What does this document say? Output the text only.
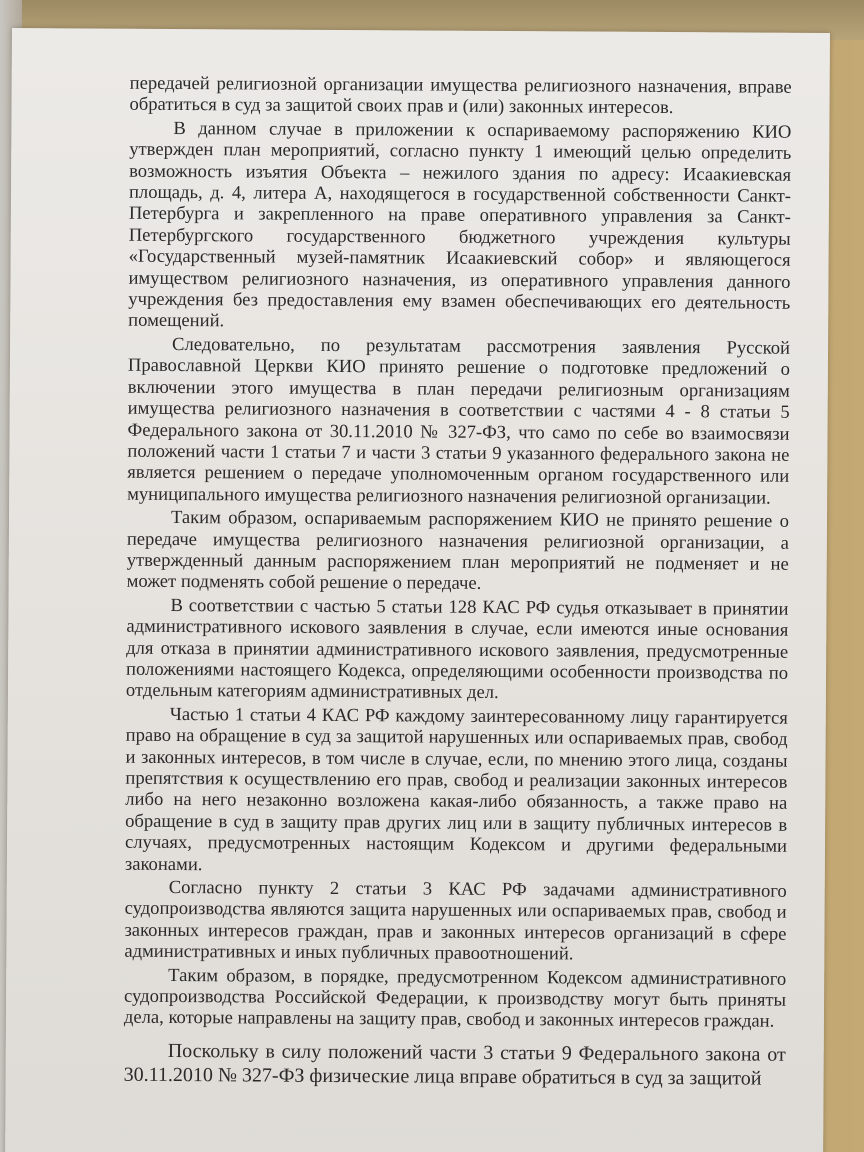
передачей религиозной организации имущества религиозного назначения, вправе обратиться в суд за защитой своих прав и (или) законных интересов.

В данном случае в приложении к оспариваемому распоряжению КИО утвержден план мероприятий, согласно пункту 1 имеющий целью определить возможность изъятия Объекта – нежилого здания по адресу: Исаакиевская площадь, д. 4, литера А, находящегося в государственной собственности Санкт-Петербурга и закрепленного на праве оперативного управления за Санкт-Петербургского государственного бюджетного учреждения культуры «Государственный музей-памятник Исаакиевский собор» и являющегося имуществом религиозного назначения, из оперативного управления данного учреждения без предоставления ему взамен обеспечивающих его деятельность помещений.

Следовательно, по результатам рассмотрения заявления Русской Православной Церкви КИО принято решение о подготовке предложений о включении этого имущества в план передачи религиозным организациям имущества религиозного назначения в соответствии с частями 4 - 8 статьи 5 Федерального закона от 30.11.2010 № 327-ФЗ, что само по себе во взаимосвязи положений части 1 статьи 7 и части 3 статьи 9 указанного федерального закона не является решением о передаче уполномоченным органом государственного или муниципального имущества религиозного назначения религиозной организации.

Таким образом, оспариваемым распоряжением КИО не принято решение о передаче имущества религиозного назначения религиозной организации, а утвержденный данным распоряжением план мероприятий не подменяет и не может подменять собой решение о передаче.

В соответствии с частью 5 статьи 128 КАС РФ судья отказывает в принятии административного искового заявления в случае, если имеются иные основания для отказа в принятии административного искового заявления, предусмотренные положениями настоящего Кодекса, определяющими особенности производства по отдельным категориям административных дел.

Частью 1 статьи 4 КАС РФ каждому заинтересованному лицу гарантируется право на обращение в суд за защитой нарушенных или оспариваемых прав, свобод и законных интересов, в том числе в случае, если, по мнению этого лица, созданы препятствия к осуществлению его прав, свобод и реализации законных интересов либо на него незаконно возложена какая-либо обязанность, а также право на обращение в суд в защиту прав других лиц или в защиту публичных интересов в случаях, предусмотренных настоящим Кодексом и другими федеральными законами.

Согласно пункту 2 статьи 3 КАС РФ задачами административного судопроизводства являются защита нарушенных или оспариваемых прав, свобод и законных интересов граждан, прав и законных интересов организаций в сфере административных и иных публичных правоотношений.

Таким образом, в порядке, предусмотренном Кодексом административного судопроизводства Российской Федерации, к производству могут быть приняты дела, которые направлены на защиту прав, свобод и законных интересов граждан.

Поскольку в силу положений части 3 статьи 9 Федерального закона от 30.11.2010 № 327-ФЗ физические лица вправе обратиться в суд за защитой
